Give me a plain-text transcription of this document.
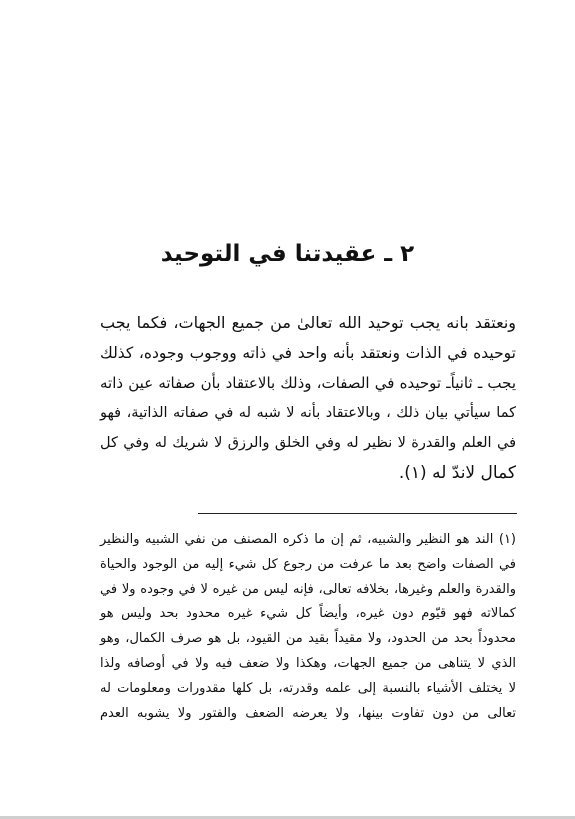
٢ ـ عقيدتنا في التوحيد
ونعتقد بانه يجب توحيد الله تعالىٰ من جميع الجهات، فكما يجب
توحيده في الذات ونعتقد بأنه واحد في ذاته ووجوب وجوده، كذلك
يجب ـ ثانياًـ توحيده في الصفات، وذلك بالاعتقاد بأن صفاته عين ذاته
كما سيأتي بيان ذلك ، وبالاعتقاد بأنه لا شبه له في صفاته الذاتية، فهو
في العلم والقدرة لا نظير له وفي الخلق والرزق لا شريك له وفي كل
كمال لاندّ له (١).
(١) الند هو النظير والشبيه، ثم إن ما ذكره المصنف من نفي الشبيه والنظير
في الصفات واضح بعد ما عرفت من رجوع كل شيء إليه من الوجود والحياة
والقدرة والعلم وغيرها، بخلافه تعالى، فإنه ليس من غيره لا في وجوده ولا في
كمالاته فهو قيّوم دون غيره، وأيضاً كل شيء غيره محدود بحد وليس هو
محدوداً بحد من الحدود، ولا مقيداً بقيد من القيود، بل هو صرف الكمال، وهو
الذي لا يتناهى من جميع الجهات، وهكذا ولا ضعف فيه ولا في أوصافه ولذا
لا يختلف الأشياء بالنسبة إلى علمه وقدرته، بل كلها مقدورات ومعلومات له
تعالى من دون تفاوت بينها، ولا يعرضه الضعف والفتور ولا يشوبه العدم
